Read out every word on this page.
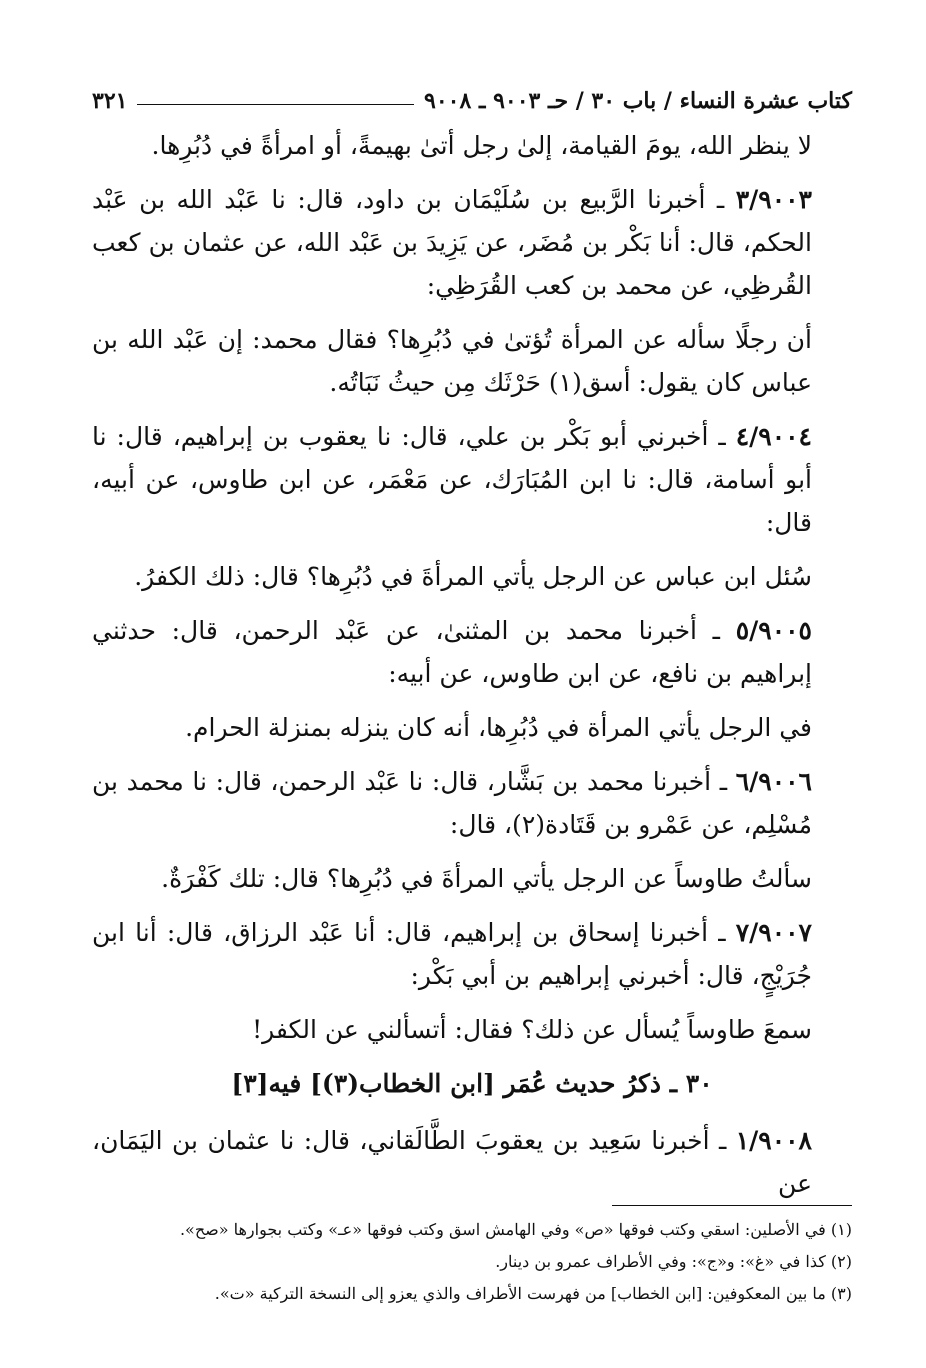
كتاب عشرة النساء / باب ٣٠ / حـ ٩٠٠٣ ـ ٩٠٠٨
٣٢١

لا ينظر الله، يومَ القيامة، إلىٰ رجل أتىٰ بهيمةً، أو امرأةً في دُبُرِها.

٣/٩٠٠٣ ـ أخبرنا الرَّبيع بن سُلَيْمَان بن داود، قال: نا عَبْد الله بن عَبْد الحكم، قال: أنا بَكْر بن مُضَر، عن يَزِيدَ بن عَبْد الله، عن عثمان بن كعب القُرظِي، عن محمد بن كعب القُرَظِي:

أن رجلًا سأله عن المرأة تُؤتىٰ في دُبُرِها؟ فقال محمد: إن عَبْد الله بن عباس كان يقول: أسق(١) حَرْثَك مِن حيثُ نَبَاتُه.

٤/٩٠٠٤ ـ أخبرني أبو بَكْر بن علي، قال: نا يعقوب بن إبراهيم، قال: نا أبو أسامة، قال: نا ابن المُبَارَك، عن مَعْمَر، عن ابن طاوس، عن أبيه، قال:

سُئل ابن عباس عن الرجل يأتي المرأةَ في دُبُرِها؟ قال: ذلك الكفرُ.

٥/٩٠٠٥ ـ أخبرنا محمد بن المثنىٰ، عن عَبْد الرحمن، قال: حدثني إبراهيم بن نافع، عن ابن طاوس، عن أبيه:

في الرجل يأتي المرأة في دُبُرِها، أنه كان ينزله بمنزلة الحرام.

٦/٩٠٠٦ ـ أخبرنا محمد بن بَشَّار، قال: نا عَبْد الرحمن، قال: نا محمد بن مُسْلِم، عن عَمْرو بن قَتَادة(٢)، قال:

سألتُ طاوساً عن الرجل يأتي المرأةَ في دُبُرِها؟ قال: تلك كَفْرَةٌ.

٧/٩٠٠٧ ـ أخبرنا إسحاق بن إبراهيم، قال: أنا عَبْد الرزاق، قال: أنا ابن جُرَيْجٍ، قال: أخبرني إبراهيم بن أبي بَكْر:

سمعَ طاوساً يُسأل عن ذلك؟ فقال: أتسألني عن الكفر!

٣٠ ـ ذكرُ حديث عُمَر [ابن الخطاب(٣)] فيه[٣]

١/٩٠٠٨ ـ أخبرنا سَعِيد بن يعقوبَ الطَّالَقاني، قال: نا عثمان بن اليَمَان، عن

(١) في الأصلين: اسقي وكتب فوقها «ص» وفي الهامش اسق وكتب فوقها «عـ» وكتب بجوارها «صح».
(٢) كذا في «غ»: و«ج»: وفي الأطراف عمرو بن دينار.
(٣) ما بين المعكوفين: [ابن الخطاب] من فهرست الأطراف والذي يعزو إلى النسخة التركية «ت».
